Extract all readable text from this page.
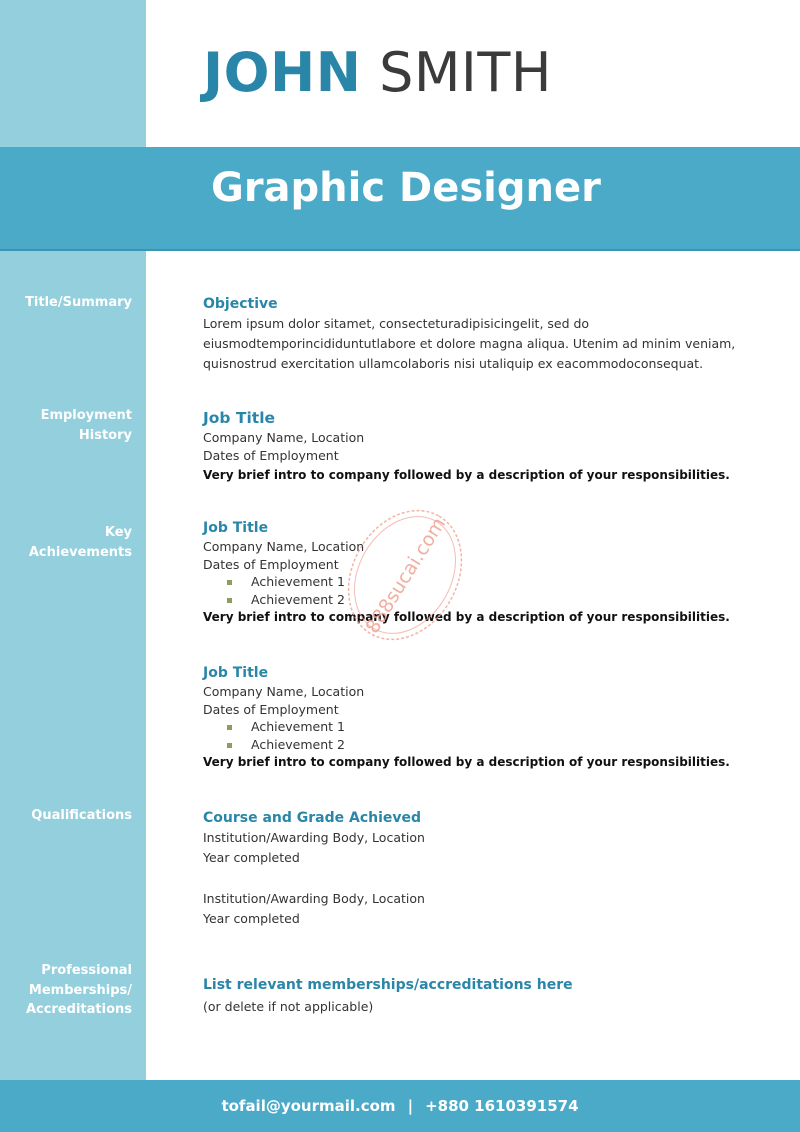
JOHN SMITH
Graphic Designer
Title/Summary
Employment
History
Key
Achievements
Qualifications
Professional
Memberships/
Accreditations
Objective
Lorem ipsum dolor sitamet, consecteturadipisicingelit, sed do
eiusmodtemporincididuntutlabore et dolore magna aliqua. Utenim ad minim veniam,
quisnostrud exercitation ullamcolaboris nisi utaliquip ex eacommodoconsequat.
Job Title
Company Name, Location
Dates of Employment
Very brief intro to company followed by a description of your responsibilities.
Job Title
Company Name, Location
Dates of Employment
Achievement 1
Achievement 2
Very brief intro to company followed by a description of your responsibilities.
Job Title
Company Name, Location
Dates of Employment
Achievement 1
Achievement 2
Very brief intro to company followed by a description of your responsibilities.
Course and Grade Achieved
Institution/Awarding Body, Location
Year completed
Institution/Awarding Body, Location
Year completed
List relevant memberships/accreditations here
(or delete if not applicable)
888sucai.com
tofail@yourmail.com | +880 1610391574
